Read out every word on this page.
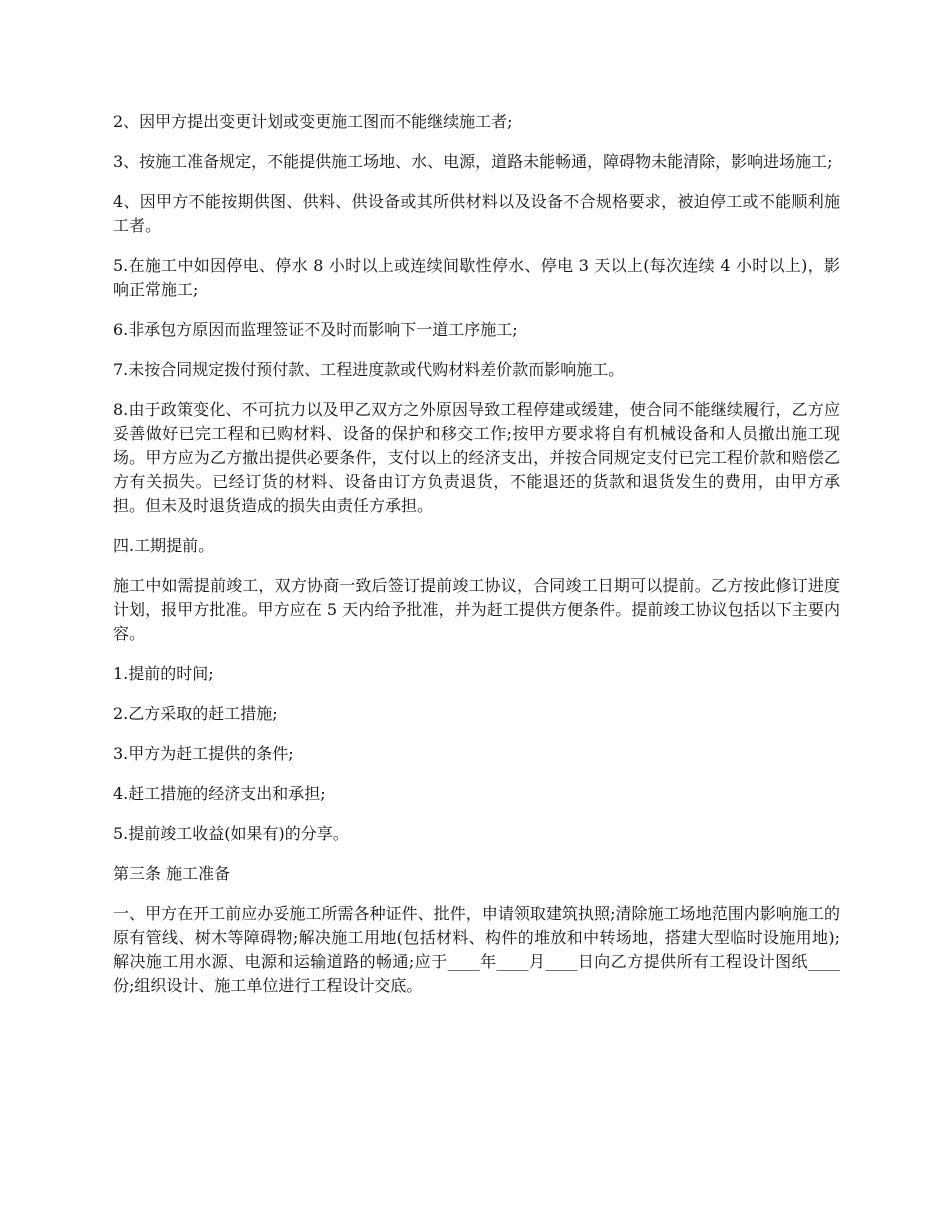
2、因甲方提出变更计划或变更施工图而不能继续施工者;

3、按施工准备规定，不能提供施工场地、水、电源，道路未能畅通，障碍物未能清除，影响进场施工;

4、因甲方不能按期供图、供料、供设备或其所供材料以及设备不合规格要求，被迫停工或不能顺利施工者。

5.在施工中如因停电、停水 8 小时以上或连续间歇性停水、停电 3 天以上(每次连续 4 小时以上)，影响正常施工;

6.非承包方原因而监理签证不及时而影响下一道工序施工;

7.未按合同规定拨付预付款、工程进度款或代购材料差价款而影响施工。

8.由于政策变化、不可抗力以及甲乙双方之外原因导致工程停建或缓建，使合同不能继续履行，乙方应妥善做好已完工程和已购材料、设备的保护和移交工作;按甲方要求将自有机械设备和人员撤出施工现场。甲方应为乙方撤出提供必要条件，支付以上的经济支出，并按合同规定支付已完工程价款和赔偿乙方有关损失。已经订货的材料、设备由订方负责退货，不能退还的货款和退货发生的费用，由甲方承担。但未及时退货造成的损失由责任方承担。

四.工期提前。

施工中如需提前竣工，双方协商一致后签订提前竣工协议，合同竣工日期可以提前。乙方按此修订进度计划，报甲方批准。甲方应在 5 天内给予批准，并为赶工提供方便条件。提前竣工协议包括以下主要内容。

1.提前的时间;

2.乙方采取的赶工措施;

3.甲方为赶工提供的条件;

4.赶工措施的经济支出和承担;

5.提前竣工收益(如果有)的分享。

第三条 施工准备

一、甲方在开工前应办妥施工所需各种证件、批件，申请领取建筑执照;清除施工场地范围内影响施工的原有管线、树木等障碍物;解决施工用地(包括材料、构件的堆放和中转场地，搭建大型临时设施用地);解决施工用水源、电源和运输道路的畅通;应于____年____月____日向乙方提供所有工程设计图纸____份;组织设计、施工单位进行工程设计交底。
